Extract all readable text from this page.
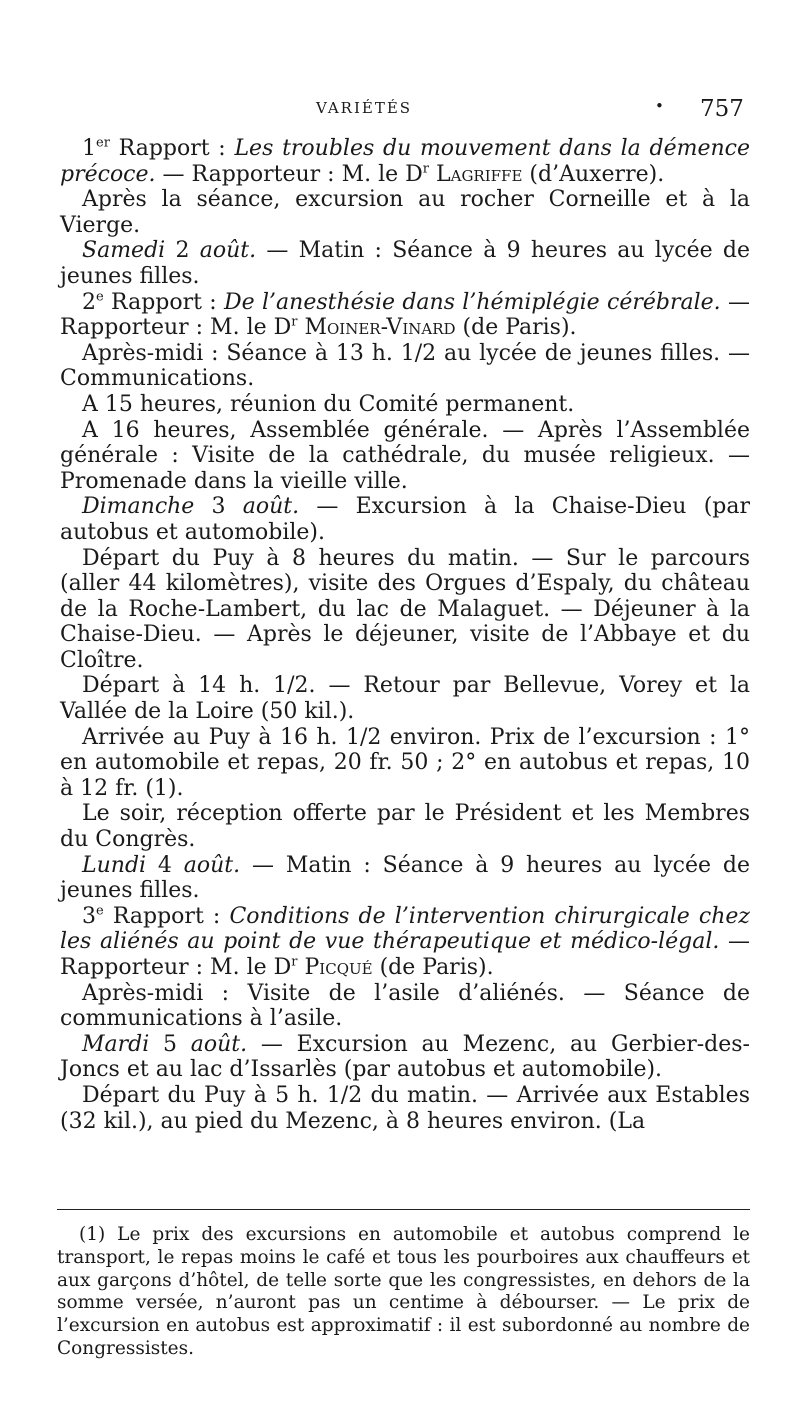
VARIÉTÉS	• 757

1er Rapport : Les troubles du mouvement dans la démence précoce. — Rapporteur : M. le $D^r$ Lagriffe (d’Auxerre).

Après la séance, excursion au rocher Corneille et à la Vierge.

Samedi 2 août. — Matin : Séance à 9 heures au lycée de jeunes filles.

2e Rapport : De l’anesthésie dans l’hémiplégie cérébrale. — Rapporteur : M. le $D^r$ Moiner-Vinard (de Paris).

Après-midi : Séance à 13 h. 1/2 au lycée de jeunes filles. — Communications.

A 15 heures, réunion du Comité permanent.

A 16 heures, Assemblée générale. — Après l’Assemblée générale : Visite de la cathédrale, du musée religieux. — Promenade dans la vieille ville.

Dimanche 3 août. — Excursion à la Chaise-Dieu (par autobus et automobile).

Départ du Puy à 8 heures du matin. — Sur le parcours (aller 44 kilomètres), visite des Orgues d’Espaly, du château de la Roche-Lambert, du lac de Malaguet. — Déjeuner à la Chaise-Dieu. — Après le déjeuner, visite de l’Abbaye et du Cloître.

Départ à 14 h. 1/2. — Retour par Bellevue, Vorey et la Vallée de la Loire (50 kil.).

Arrivée au Puy à 16 h. 1/2 environ. Prix de l’excursion : 1° en automobile et repas, 20 fr. 50 ; 2° en autobus et repas, 10 à 12 fr. (1).

Le soir, réception offerte par le Président et les Membres du Congrès.

Lundi 4 août. — Matin : Séance à 9 heures au lycée de jeunes filles.

3e Rapport : Conditions de l’intervention chirurgicale chez les aliénés au point de vue thérapeutique et médico-légal. — Rapporteur : M. le $D^r$ Picqué (de Paris).

Après-midi : Visite de l’asile d’aliénés. — Séance de communications à l’asile.

Mardi 5 août. — Excursion au Mezenc, au Gerbier-des-Joncs et au lac d’Issarlès (par autobus et automobile).

Départ du Puy à 5 h. 1/2 du matin. — Arrivée aux Estables (32 kil.), au pied du Mezenc, à 8 heures environ. (La

(1) Le prix des excursions en automobile et autobus comprend le transport, le repas moins le café et tous les pourboires aux chauffeurs et aux garçons d’hôtel, de telle sorte que les congressistes, en dehors de la somme versée, n’auront pas un centime à débourser. — Le prix de l’excursion en autobus est approximatif : il est subordonné au nombre de Congressistes.
